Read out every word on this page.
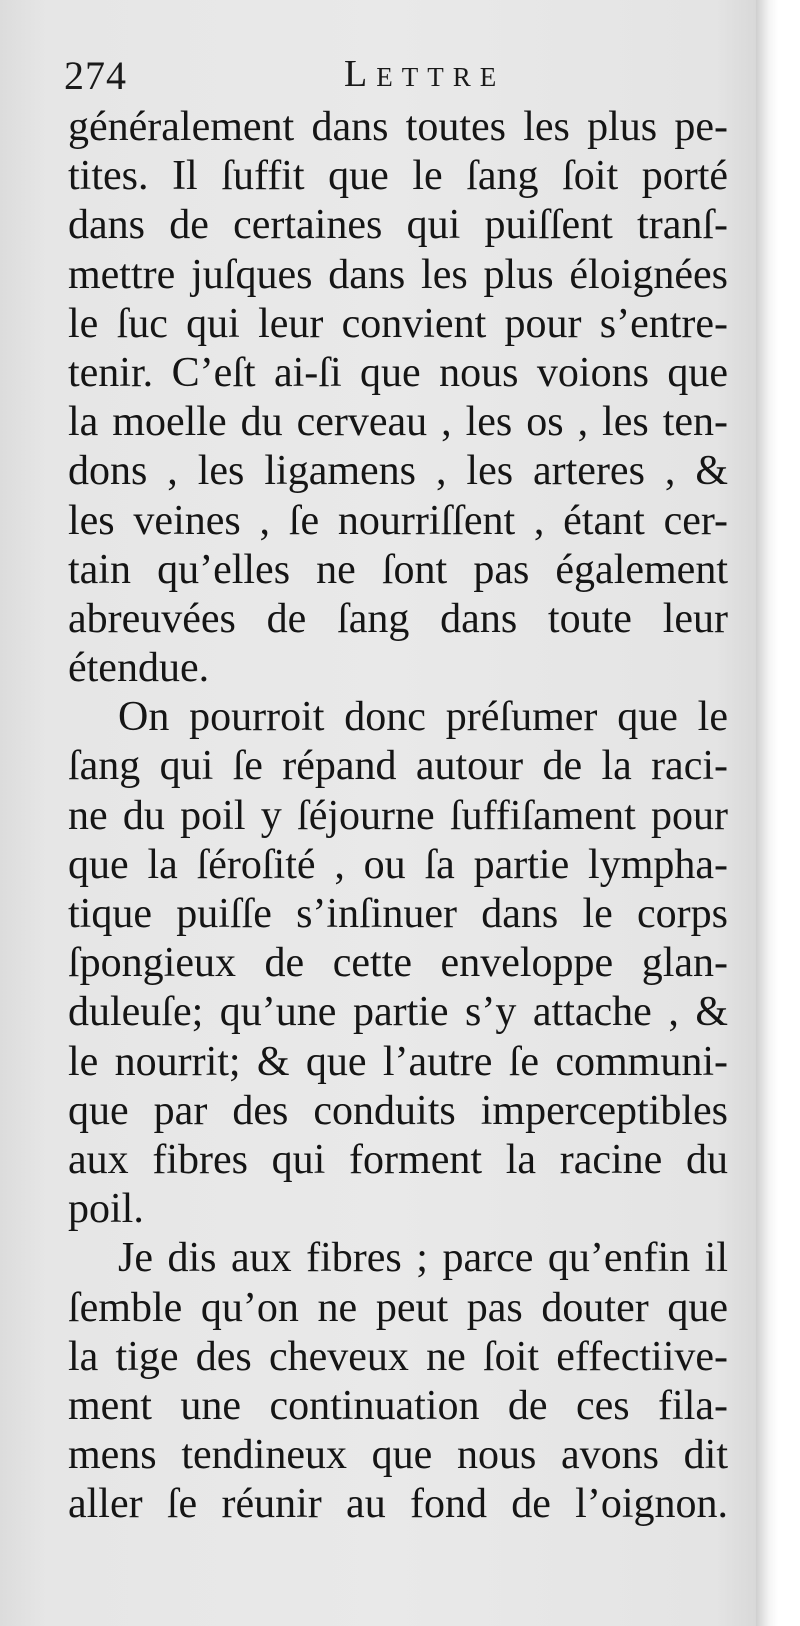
274	Lettre
généralement dans toutes les plus pe-
tites. Il ſuffit que le ſang ſoit porté
dans de certaines qui puiſſent tranſ-
mettre juſques dans les plus éloignées
le ſuc qui leur convient pour s’entre-
tenir. C’eſt ai-ſi que nous voions que
la moelle du cerveau , les os , les ten-
dons , les ligamens , les arteres , &
les veines , ſe nourriſſent , étant cer-
tain qu’elles ne ſont pas également
abreuvées de ſang dans toute leur
étendue.
On pourroit donc préſumer que le
ſang qui ſe répand autour de la raci-
ne du poil y ſéjourne ſuffiſament pour
que la ſéroſité , ou ſa partie lympha-
tique puiſſe s’inſinuer dans le corps
ſpongieux de cette enveloppe glan-
duleuſe; qu’une partie s’y attache , &
le nourrit; & que l’autre ſe communi-
que par des conduits imperceptibles
aux fibres qui forment la racine du
poil.
Je dis aux fibres ; parce qu’enfin il
ſemble qu’on ne peut pas douter que
la tige des cheveux ne ſoit effectiive-
ment une continuation de ces fila-
mens tendineux que nous avons dit
aller ſe réunir au fond de l’oignon.
